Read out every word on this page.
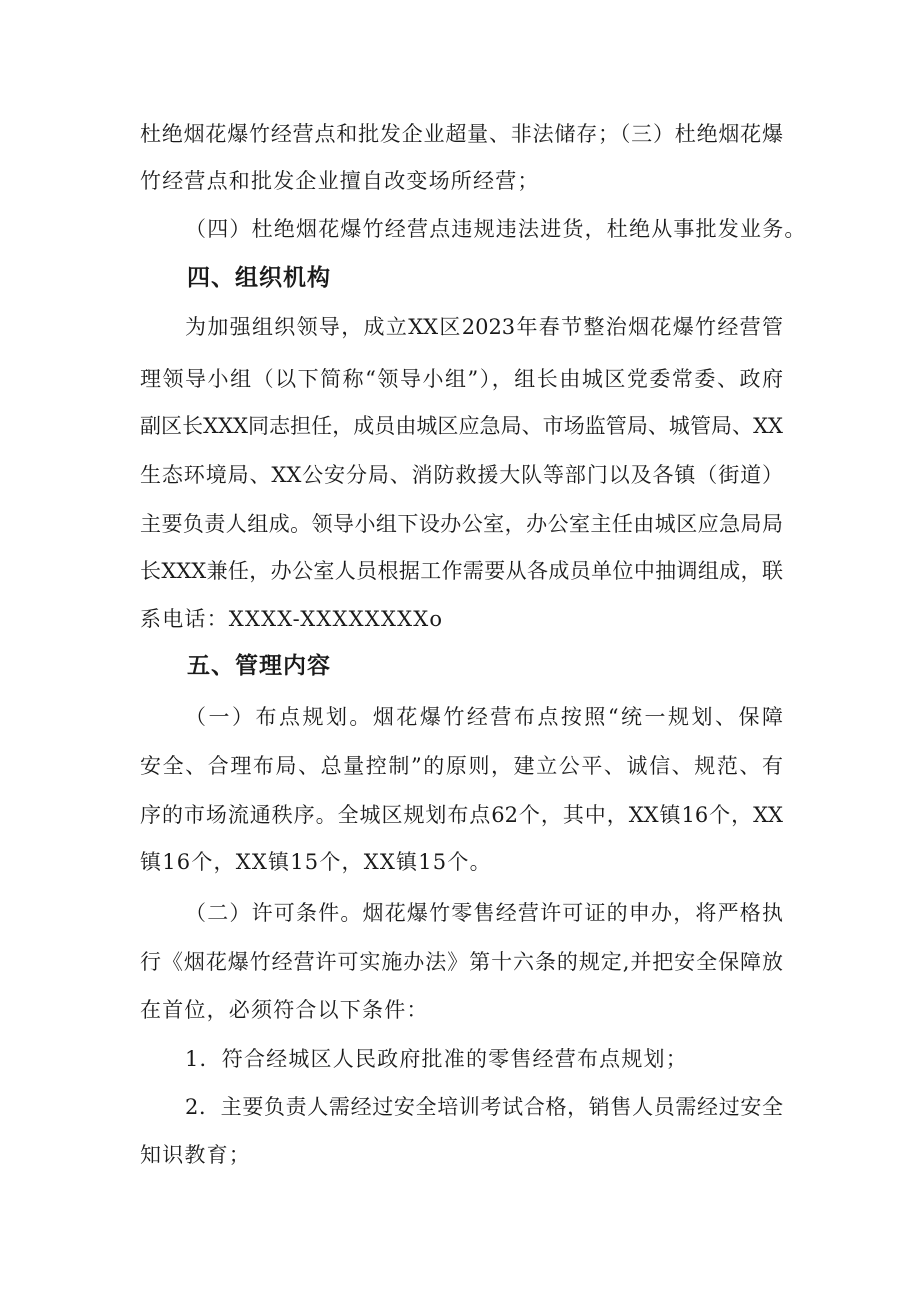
杜绝烟花爆竹经营点和批发企业超量、非法储存；（三）杜绝烟花爆
竹经营点和批发企业擅自改变场所经营；
（四）杜绝烟花爆竹经营点违规违法进货，杜绝从事批发业务。
四、组织机构
为加强组织领导，成立XX区2023年春节整治烟花爆竹经营管
理领导小组（以下简称“领导小组”），组长由城区党委常委、政府
副区长XXX同志担任，成员由城区应急局、市场监管局、城管局、XX
生态环境局、XX公安分局、消防救援大队等部门以及各镇（街道）
主要负责人组成。领导小组下设办公室，办公室主任由城区应急局局
长XXX兼任，办公室人员根据工作需要从各成员单位中抽调组成，联
系电话：XXXX-XXXXXXXXo
五、管理内容
（一）布点规划。烟花爆竹经营布点按照“统一规划、保障
安全、合理布局、总量控制”的原则，建立公平、诚信、规范、有
序的市场流通秩序。全城区规划布点62个，其中，XX镇16个，XX
镇16个，XX镇15个，XX镇15个。
（二）许可条件。烟花爆竹零售经营许可证的申办，将严格执
行《烟花爆竹经营许可实施办法》第十六条的规定,并把安全保障放
在首位，必须符合以下条件：
1．符合经城区人民政府批准的零售经营布点规划；
2．主要负责人需经过安全培训考试合格，销售人员需经过安全
知识教育；
